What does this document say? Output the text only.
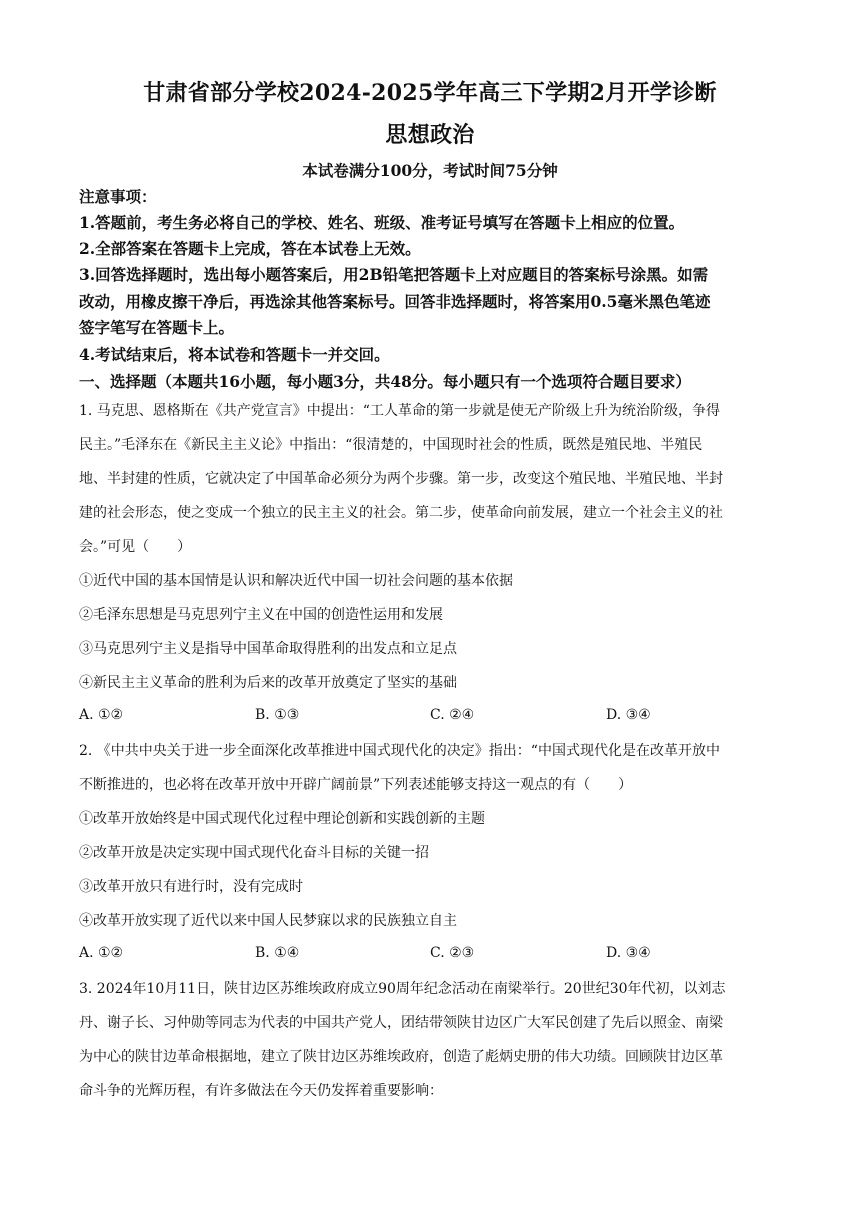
甘肃省部分学校2024-2025学年高三下学期2月开学诊断
思想政治
本试卷满分100分，考试时间75分钟
注意事项：
1.答题前，考生务必将自己的学校、姓名、班级、准考证号填写在答题卡上相应的位置。
2.全部答案在答题卡上完成，答在本试卷上无效。
3.回答选择题时，选出每小题答案后，用2B铅笔把答题卡上对应题目的答案标号涂黑。如需
改动，用橡皮擦干净后，再选涂其他答案标号。回答非选择题时，将答案用0.5毫米黑色笔迹
签字笔写在答题卡上。
4.考试结束后，将本试卷和答题卡一并交回。
一、选择题（本题共16小题，每小题3分，共48分。每小题只有一个选项符合题目要求）
1. 马克思、恩格斯在《共产党宣言》中提出：“工人革命的第一步就是使无产阶级上升为统治阶级，争得
民主。”毛泽东在《新民主主义论》中指出：“很清楚的，中国现时社会的性质，既然是殖民地、半殖民
地、半封建的性质，它就决定了中国革命必须分为两个步骤。第一步，改变这个殖民地、半殖民地、半封
建的社会形态，使之变成一个独立的民主主义的社会。第二步，使革命向前发展，建立一个社会主义的社
会。”可见（　　）
①近代中国的基本国情是认识和解决近代中国一切社会问题的基本依据
②毛泽东思想是马克思列宁主义在中国的创造性运用和发展
③马克思列宁主义是指导中国革命取得胜利的出发点和立足点
④新民主主义革命的胜利为后来的改革开放奠定了坚实的基础
A. ①②	B. ①③	C. ②④	D. ③④
2. 《中共中央关于进一步全面深化改革推进中国式现代化的决定》指出：“中国式现代化是在改革开放中
不断推进的，也必将在改革开放中开辟广阔前景”下列表述能够支持这一观点的有（　　）
①改革开放始终是中国式现代化过程中理论创新和实践创新的主题
②改革开放是决定实现中国式现代化奋斗目标的关键一招
③改革开放只有进行时，没有完成时
④改革开放实现了近代以来中国人民梦寐以求的民族独立自主
A. ①②	B. ①④	C. ②③	D. ③④
3. 2024年10月11日，陕甘边区苏维埃政府成立90周年纪念活动在南梁举行。20世纪30年代初，以刘志
丹、谢子长、习仲勋等同志为代表的中国共产党人，团结带领陕甘边区广大军民创建了先后以照金、南梁
为中心的陕甘边革命根据地，建立了陕甘边区苏维埃政府，创造了彪炳史册的伟大功绩。回顾陕甘边区革
命斗争的光辉历程，有许多做法在今天仍发挥着重要影响：
